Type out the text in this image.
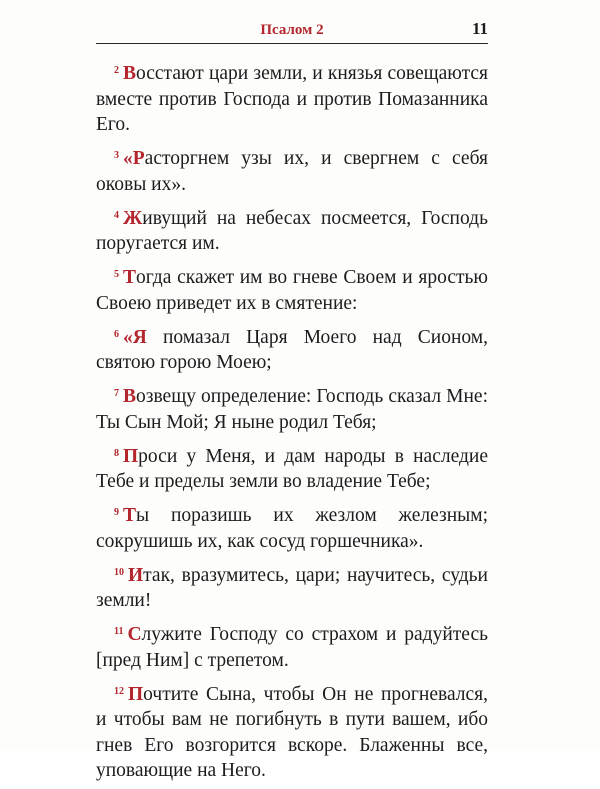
Псалом 2	11

$^2$ Восстают цари земли, и князья совещаются вместе против Господа и против Помазанника Его.

$^3$ «Расторгнем узы их, и свергнем с себя оковы их».

$^4$ Живущий на небесах посмеется, Господь поругается им.

$^5$ Тогда скажет им во гневе Своем и яростью Своею приведет их в смятение:

$^6$ «Я помазал Царя Моего над Сионом, святою горою Моею;

$^7$ Возвещу определение: Господь сказал Мне: Ты Сын Мой; Я ныне родил Тебя;

$^8$ Проси у Меня, и дам народы в наследие Тебе и пределы земли во владение Тебе;

$^9$ Ты поразишь их жезлом железным; сокрушишь их, как сосуд горшечника».

$^{10}$ Итак, вразумитесь, цари; научитесь, судьи земли!

$^{11}$ Служите Господу со страхом и радуйтесь [пред Ним] с трепетом.

$^{12}$ Почтите Сына, чтобы Он не прогневался, и чтобы вам не погибнуть в пути вашем, ибо гнев Его возгорится вскоре. Блаженны все, уповающие на Него.
